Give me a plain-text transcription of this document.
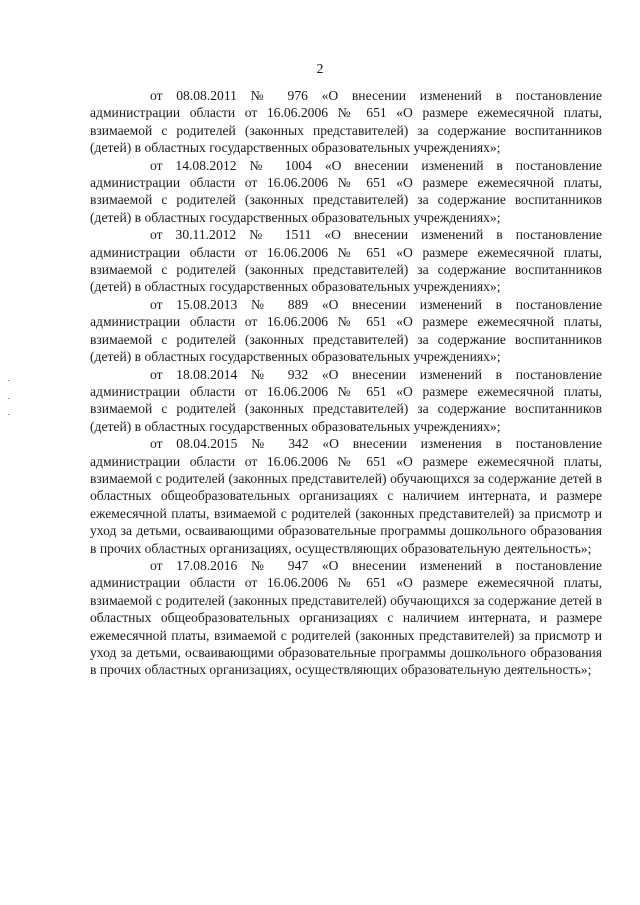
2

от 08.08.2011 № 976 «О внесении изменений в постановление администрации области от 16.06.2006 № 651 «О размере ежемесячной платы, взимаемой с родителей (законных представителей) за содержание воспитанников (детей) в областных государственных образовательных учреждениях»;

от 14.08.2012 № 1004 «О внесении изменений в постановление администрации области от 16.06.2006 № 651 «О размере ежемесячной платы, взимаемой с родителей (законных представителей) за содержание воспитанников (детей) в областных государственных образовательных учреждениях»;

от 30.11.2012 № 1511 «О внесении изменений в постановление администрации области от 16.06.2006 № 651 «О размере ежемесячной платы, взимаемой с родителей (законных представителей) за содержание воспитанников (детей) в областных государственных образовательных учреждениях»;

от 15.08.2013 № 889 «О внесении изменений в постановление администрации области от 16.06.2006 № 651 «О размере ежемесячной платы, взимаемой с родителей (законных представителей) за содержание воспитанников (детей) в областных государственных образовательных учреждениях»;

от 18.08.2014 № 932 «О внесении изменений в постановление администрации области от 16.06.2006 № 651 «О размере ежемесячной платы, взимаемой с родителей (законных представителей) за содержание воспитанников (детей) в областных государственных образовательных учреждениях»;

от 08.04.2015 № 342 «О внесении изменения в постановление администрации области от 16.06.2006 № 651 «О размере ежемесячной платы, взимаемой с родителей (законных представителей) обучающихся за содержание детей в областных общеобразовательных организациях с наличием интерната, и размере ежемесячной платы, взимаемой с родителей (законных представителей) за присмотр и уход за детьми, осваивающими образовательные программы дошкольного образования в прочих областных организациях, осуществляющих образовательную деятельность»;

от 17.08.2016 № 947 «О внесении изменений в постановление администрации области от 16.06.2006 № 651 «О размере ежемесячной платы, взимаемой с родителей (законных представителей) обучающихся за содержание детей в областных общеобразовательных организациях с наличием интерната, и размере ежемесячной платы, взимаемой с родителей (законных представителей) за присмотр и уход за детьми, осваивающими образовательные программы дошкольного образования в прочих областных организациях, осуществляющих образовательную деятельность»;
